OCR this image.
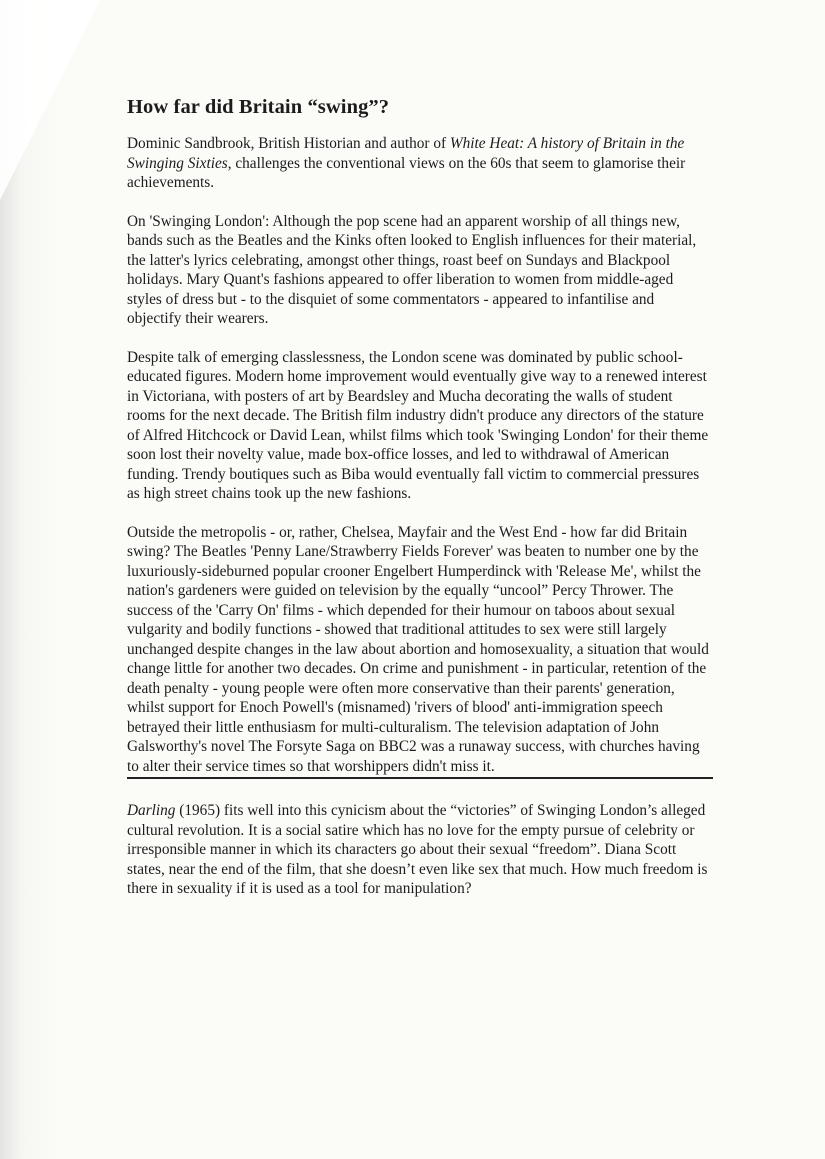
How far did Britain “swing”?

Dominic Sandbrook, British Historian and author of White Heat: A history of Britain in the Swinging Sixties, challenges the conventional views on the 60s that seem to glamorise their achievements.

On 'Swinging London': Although the pop scene had an apparent worship of all things new, bands such as the Beatles and the Kinks often looked to English influences for their material, the latter's lyrics celebrating, amongst other things, roast beef on Sundays and Blackpool holidays. Mary Quant's fashions appeared to offer liberation to women from middle-aged styles of dress but - to the disquiet of some commentators - appeared to infantilise and objectify their wearers.

Despite talk of emerging classlessness, the London scene was dominated by public school-educated figures. Modern home improvement would eventually give way to a renewed interest in Victoriana, with posters of art by Beardsley and Mucha decorating the walls of student rooms for the next decade. The British film industry didn't produce any directors of the stature of Alfred Hitchcock or David Lean, whilst films which took 'Swinging London' for their theme soon lost their novelty value, made box-office losses, and led to withdrawal of American funding. Trendy boutiques such as Biba would eventually fall victim to commercial pressures as high street chains took up the new fashions.

Outside the metropolis - or, rather, Chelsea, Mayfair and the West End - how far did Britain swing? The Beatles 'Penny Lane/Strawberry Fields Forever' was beaten to number one by the luxuriously-sideburned popular crooner Engelbert Humperdinck with 'Release Me', whilst the nation's gardeners were guided on television by the equally “uncool” Percy Thrower. The success of the 'Carry On' films - which depended for their humour on taboos about sexual vulgarity and bodily functions - showed that traditional attitudes to sex were still largely unchanged despite changes in the law about abortion and homosexuality, a situation that would change little for another two decades. On crime and punishment - in particular, retention of the death penalty - young people were often more conservative than their parents' generation, whilst support for Enoch Powell's (misnamed) 'rivers of blood' anti-immigration speech betrayed their little enthusiasm for multi-culturalism. The television adaptation of John Galsworthy's novel The Forsyte Saga on BBC2 was a runaway success, with churches having to alter their service times so that worshippers didn't miss it.

Darling (1965) fits well into this cynicism about the “victories” of Swinging London’s alleged cultural revolution. It is a social satire which has no love for the empty pursue of celebrity or irresponsible manner in which its characters go about their sexual “freedom”. Diana Scott states, near the end of the film, that she doesn’t even like sex that much. How much freedom is there in sexuality if it is used as a tool for manipulation?
